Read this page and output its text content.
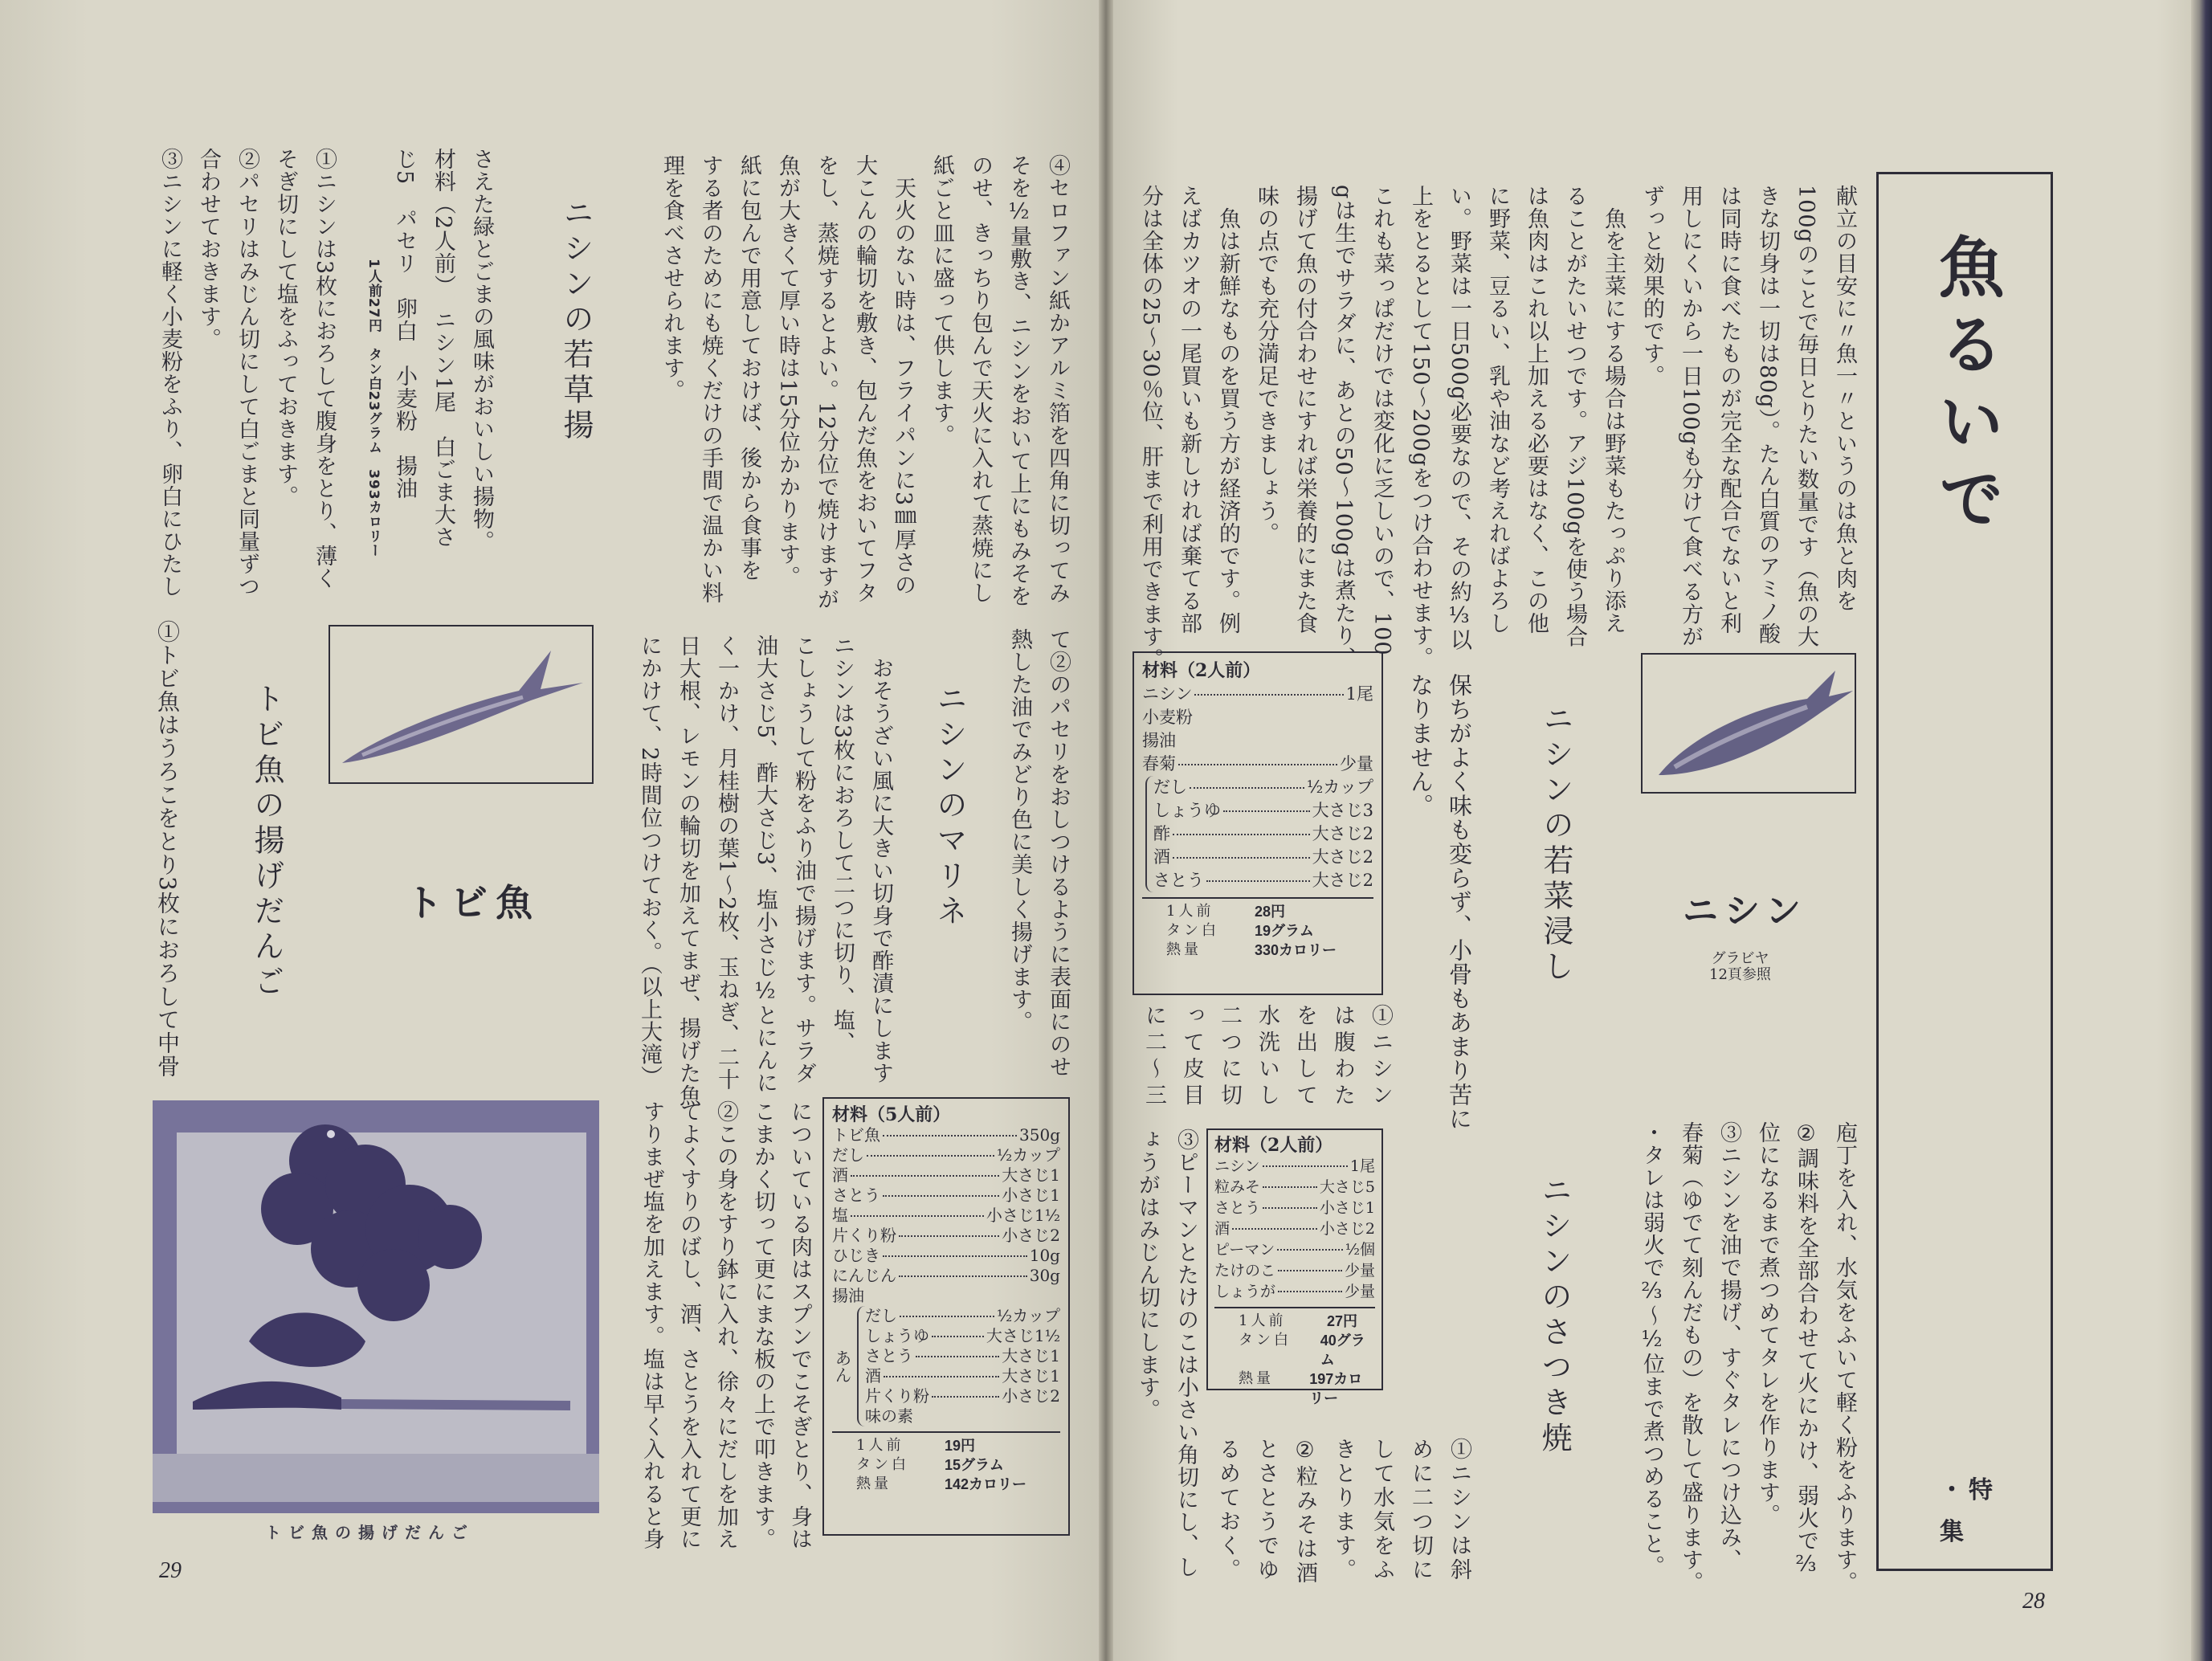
魚るいで
・特
集
献立の目安に〃魚一〃というのは魚と肉を
100gのことで毎日とりたい数量です（魚の大
きな切身は一切は80g）。たん白質のアミノ酸
は同時に食べたものが完全な配合でないと利
用しにくいから一日100gも分けて食べる方が
ずっと効果的です。
　魚を主菜にする場合は野菜もたっぷり添え
ることがたいせつです。アジ100gを使う場合
は魚肉はこれ以上加える必要はなく、この他
に野菜、豆るい、乳や油など考えればよろし
い。野菜は一日500g必要なので、その約⅓以
上をとるとして150〜200gをつけ合わせます。
これも菜っぱだけでは変化に乏しいので、100
gは生でサラダに、あとの50〜100gは煮たり、
揚げて魚の付合わせにすれば栄養的にまた食
味の点でも充分満足できましょう。
　魚は新鮮なものを買う方が経済的です。例
えばカツオの一尾買いも新しければ棄てる部
分は全体の25〜30％位、肝まで利用できます。
ニシン
グラビヤ
12頁参照
ニシンの若菜浸し
保ちがよく味も変らず、小骨もあまり苦に
なりません。
材料（2人前）
ニシン	1尾
小麦粉
揚油
春菊	少量
だし	½カップ
しょうゆ	大さじ3
酢	大さじ2
酒	大さじ2
さとう	大さじ2
1人前	28円
タン白	19グラム
熱量	330カロリー
①ニシン
は腹わた
を出して
水洗いし
二つに切
って皮目
に二〜三
庖丁を入れ、水気をふいて軽く粉をふります。
②調味料を全部合わせて火にかけ、弱火で⅔
位になるまで煮つめてタレを作ります。
③ニシンを油で揚げ、すぐタレにつけ込み、
春菊（ゆでて刻んだもの）を散して盛ります。
・タレは弱火で⅔〜½位まで煮つめること。
ニシンのさつき焼
材料（2人前）
ニシン	1尾
粒みそ	大さじ5
さとう	小さじ1
酒	小さじ2
ピーマン	½個
たけのこ	少量
しょうが	少量
1人前	27円
タン白	40グラム
熱量	197カロリー
①ニシンは斜
めに二つ切に
して水気をふ
きとります。
②粒みそは酒
とさとうでゆ
るめておく。
③ピーマンとたけのこは小さい角切にし、し
ょうがはみじん切にします。
28
④セロファン紙かアルミ箔を四角に切ってみ
そを½量敷き、ニシンをおいて上にもみそを
のせ、きっちり包んで天火に入れて蒸焼にし
紙ごと皿に盛って供します。
　天火のない時は、フライパンに3㎜厚さの
大こんの輪切を敷き、包んだ魚をおいてフタ
をし、蒸焼するとよい。12分位で焼けますが
魚が大きくて厚い時は15分位かかります。
紙に包んで用意しておけば、後から食事を
する者のためにも焼くだけの手間で温かい料
理を食べさせられます。
て②のパセリをおしつけるように表面にのせ
熱した油でみどり色に美しく揚げます。
ニシンのマリネ
　おそうざい風に大きい切身で酢漬にします
ニシンは3枚におろして二つに切り、塩、
こしょうして粉をふり油で揚げます。サラダ
油大さじ5、酢大さじ3、塩小さじ½とにんに
く一かけ、月桂樹の葉1〜2枚、玉ねぎ、二十
日大根、レモンの輪切を加えてまぜ、揚げた魚
にかけて、2時間位つけておく。（以上大滝）
材料（5人前）
トビ魚	350g
だし	½カップ
酒	大さじ1
さとう	小さじ1
塩	小さじ1½
片くり粉	小さじ2
ひじき	10g
にんじん	30g
揚油
あん
だし	½カップ
しょうゆ	大さじ1½
さとう	大さじ1
酒	大さじ1
片くり粉	小さじ2
味の素
1人前	19円
タン白	15グラム
熱量	142カロリー
についている肉はスプンでこそぎとり、身は
こまかく切って更にまな板の上で叩きます。
②この身をすり鉢に入れ、徐々にだしを加え
てよくすりのばし、酒、さとうを入れて更に
すりまぜ塩を加えます。塩は早く入れると身
ニシンの若草揚
さえた緑とごまの風味がおいしい揚物。
材料（2人前）　ニシン1尾　白ごま大さ
じ5　パセリ　卵白　小麦粉　揚油
1人前27円　タン白23グラム　393カロリー
①ニシンは3枚におろして腹身をとり、薄く
そぎ切にして塩をふっておきます。
②パセリはみじん切にして白ごまと同量ずつ
合わせておきます。
③ニシンに軽く小麦粉をふり、卵白にひたし
トビ魚の揚げだんご	トビ魚
①トビ魚はうろこをとり3枚におろして中骨
トビ魚の揚げだんご
29
